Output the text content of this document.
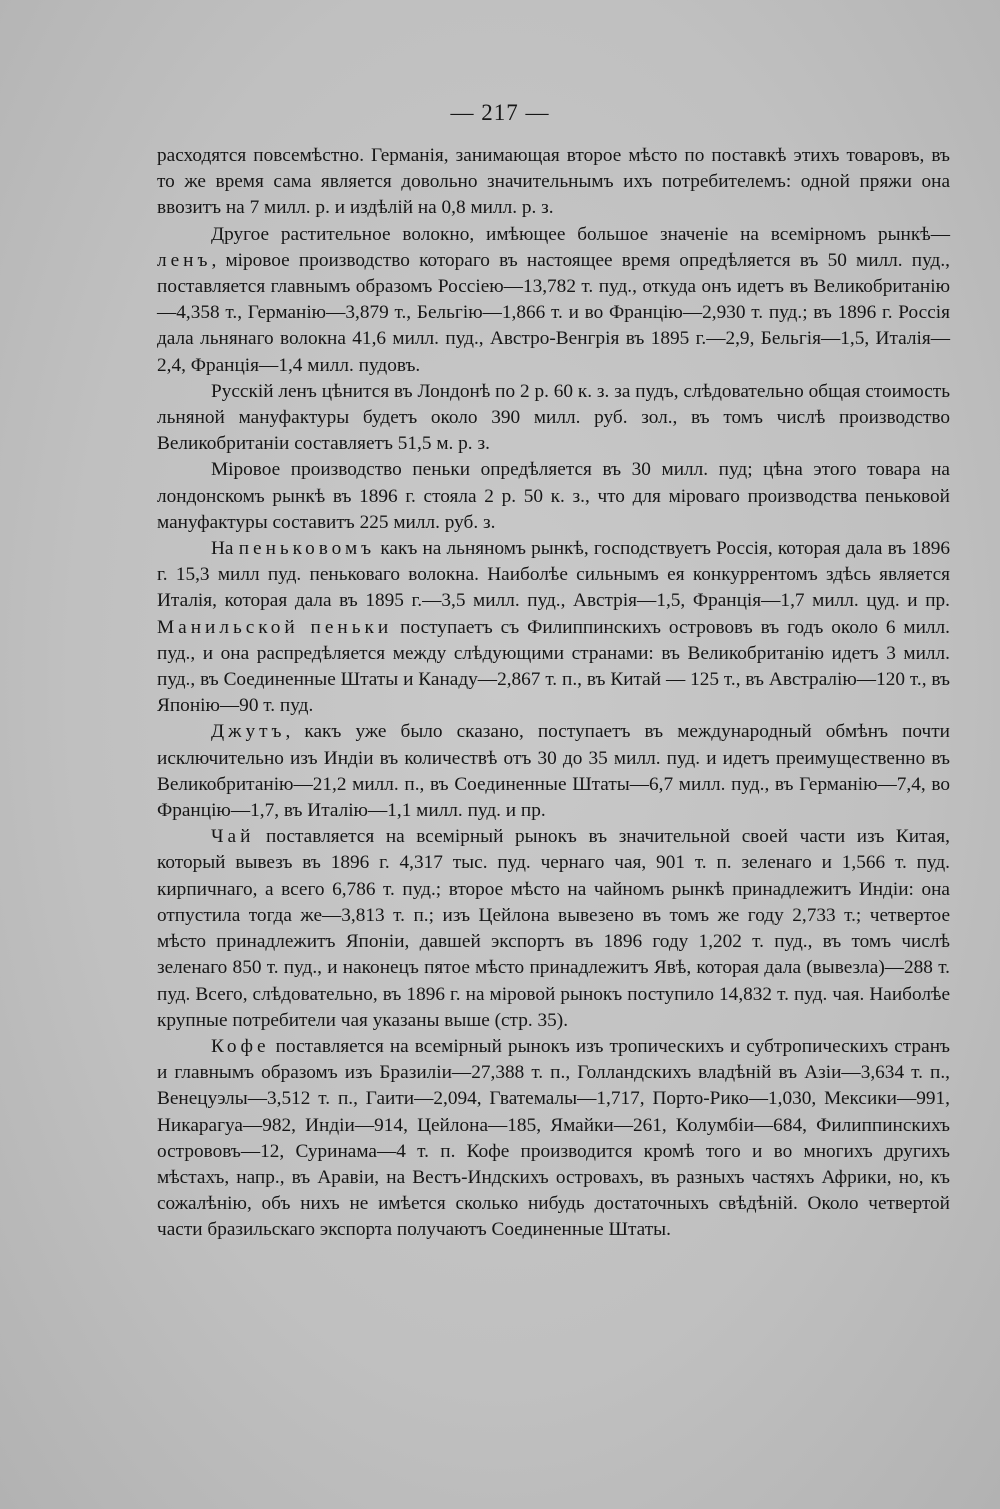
— 217 —

расходятся повсемѣстно. Германія, занимающая второе мѣсто по поставкѣ этихъ товаровъ, въ то же время сама является довольно значительнымъ ихъ потребителемъ: одной пряжи она ввозитъ на 7 милл. р. и издѣлій на 0,8 милл. р. з.

Другое растительное волокно, имѣющее большое значеніе на всемірномъ рынкѣ—ленъ, міровое производство котораго въ настоящее время опредѣляется въ 50 милл. пуд., поставляется главнымъ образомъ Россіею—13,782 т. пуд., откуда онъ идетъ въ Великобританію—4,358 т., Германію—3,879 т., Бельгію—1,866 т. и во Францію—2,930 т. пуд.; въ 1896 г. Россія дала льнянаго волокна 41,6 милл. пуд., Австро-Венгрія въ 1895 г.—2,9, Бельгія—1,5, Италія—2,4, Франція—1,4 милл. пудовъ.

Русскій ленъ цѣнится въ Лондонѣ по 2 р. 60 к. з. за пудъ, слѣдовательно общая стоимость льняной мануфактуры будетъ около 390 милл. руб. зол., въ томъ числѣ производство Великобританіи составляетъ 51,5 м. р. з.

Міровое производство пеньки опредѣляется въ 30 милл. пуд; цѣна этого товара на лондонскомъ рынкѣ въ 1896 г. стояла 2 р. 50 к. з., что для міроваго производства пеньковой мануфактуры составитъ 225 милл. руб. з.

На пеньковомъ какъ на льняномъ рынкѣ, господствуетъ Россія, которая дала въ 1896 г. 15,3 милл пуд. пеньковаго волокна. Наиболѣе сильнымъ ея конкуррентомъ здѣсь является Италія, которая дала въ 1895 г.—3,5 милл. пуд., Австрія—1,5, Франція—1,7 милл. цуд. и пр. Манильской пеньки поступаетъ съ Филиппинскихъ острововъ въ годъ около 6 милл. пуд., и она распредѣляется между слѣдующими странами: въ Великобританію идетъ 3 милл. пуд., въ Соединенные Штаты и Канаду—2,867 т. п., въ Китай — 125 т., въ Австралію—120 т., въ Японію—90 т. пуд.

Джутъ, какъ уже было сказано, поступаетъ въ международный обмѣнъ почти исключительно изъ Индіи въ количествѣ отъ 30 до 35 милл. пуд. и идетъ преимущественно въ Великобританію—21,2 милл. п., въ Соединенные Штаты—6,7 милл. пуд., въ Германію—7,4, во Францію—1,7, въ Италію—1,1 милл. пуд. и пр.

Чай поставляется на всемірный рынокъ въ значительной своей части изъ Китая, который вывезъ въ 1896 г. 4,317 тыс. пуд. чернаго чая, 901 т. п. зеленаго и 1,566 т. пуд. кирпичнаго, а всего 6,786 т. пуд.; второе мѣсто на чайномъ рынкѣ принадлежитъ Индіи: она отпустила тогда же—3,813 т. п.; изъ Цейлона вывезено въ томъ же году 2,733 т.; четвертое мѣсто принадлежитъ Японіи, давшей экспортъ въ 1896 году 1,202 т. пуд., въ томъ числѣ зеленаго 850 т. пуд., и наконецъ пятое мѣсто принадлежитъ Явѣ, которая дала (вывезла)—288 т. пуд. Всего, слѣдовательно, въ 1896 г. на міровой рынокъ поступило 14,832 т. пуд. чая. Наиболѣе крупные потребители чая указаны выше (стр. 35).

Кофе поставляется на всемірный рынокъ изъ тропическихъ и субтропическихъ странъ и главнымъ образомъ изъ Бразиліи—27,388 т. п., Голландскихъ владѣній въ Азіи—3,634 т. п., Венецуэлы—3,512 т. п., Гаити—2,094, Гватемалы—1,717, Порто-Рико—1,030, Мексики—991, Никарагуа—982, Индіи—914, Цейлона—185, Ямайки—261, Колумбіи—684, Филиппинскихъ острововъ—12, Суринама—4 т. п. Кофе производится кромѣ того и во многихъ другихъ мѣстахъ, напр., въ Аравіи, на Вестъ-Индскихъ островахъ, въ разныхъ частяхъ Африки, но, къ сожалѣнію, объ нихъ не имѣется сколько нибудь достаточныхъ свѣдѣній. Около четвертой части бразильскаго экспорта получаютъ Соединенные Штаты.
